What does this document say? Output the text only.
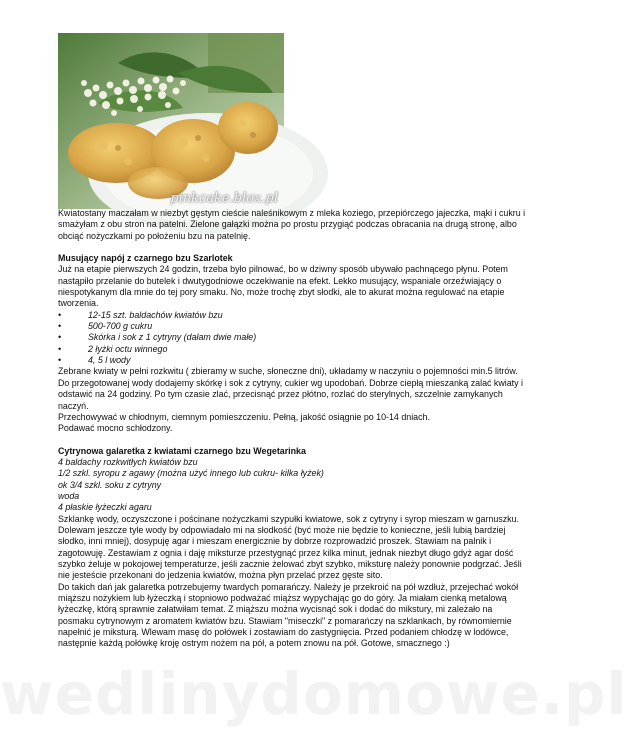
pinkcake.blox.pl

Kwiatostany maczałam w niezbyt gęstym cieście naleśnikowym z mleka koziego, przepiórczego jajeczka, mąki i cukru i smażyłam z obu stron na patelni. Zielone gałązki można po prostu przygiąć podczas obracania na drugą stronę, albo obciąć nożyczkami po położeniu bzu na patelnię.

Musujący napój z czarnego bzu Szarlotek

Już na etapie pierwszych 24 godzin, trzeba było pilnować, bo w dziwny sposób ubywało pachnącego płynu. Potem nastąpiło przelanie do butelek i dwutygodniowe oczekiwanie na efekt. Lekko musujący, wspaniale orzeźwiający o niespotykanym dla mnie do tej pory smaku. No, może trochę zbyt słodki, ale to akurat można regulować na etapie tworzenia.

• 12-15 szt. baldachów kwiatów bzu
• 500-700 g cukru
• Skórka i sok z 1 cytryny (dałam dwie małe)
• 2 łyżki octu winnego
• 4, 5 l wody

Zebrane kwiaty w pełni rozkwitu ( zbieramy w suche, słoneczne dni), układamy w naczyniu o pojemności min.5 litrów. Do przegotowanej wody dodajemy skórkę i sok z cytryny, cukier wg upodobań. Dobrze ciepłą mieszanką zalać kwiaty i odstawić na 24 godziny. Po tym czasie zlać, przecisnąć przez płótno, rozlać do sterylnych, szczelnie zamykanych naczyń.

Przechowywać w chłodnym, ciemnym pomieszczeniu. Pełną, jakość osiągnie po 10-14 dniach.

Podawać mocno schłodzony.

Cytrynowa galaretka z kwiatami czarnego bzu Wegetarinka

4 baldachy rozkwitłych kwiatów bzu

1/2 szkl. syropu z agawy (można użyć innego lub cukru- kilka łyżek)

ok 3/4 szkl. soku z cytryny

woda

4 płaskie łyżeczki agaru

Szklankę wody, oczyszczone i pościnane nożyczkami szypułki kwiatowe, sok z cytryny i syrop mieszam w garnuszku. Dolewam jeszcze tyle wody by odpowiadało mi na słodkość (być może nie będzie to konieczne, jeśli lubią bardziej słodko, inni mniej), dosypuję agar i mieszam energicznie by dobrze rozprowadzić proszek. Stawiam na palnik i zagotowuję. Zestawiam z ognia i daję miksturze przestygnąć przez kilka minut, jednak niezbyt długo gdyż agar dość szybko żeluje w pokojowej temperaturze, jeśli zacznie żelować zbyt szybko, miksturę należy ponownie podgrzać. Jeśli nie jesteście przekonani do jedzenia kwiatów, można płyn przelać przez gęste sito.

Do takich dań jak galaretka potrzebujemy twardych pomarańczy. Należy je przekroić na pół wzdłuż, przejechać wokół miąższu nożykiem lub łyżeczką i stopniowo podważać miąższ wypychając go do góry. Ja miałam cienką metalową łyżeczkę, którą sprawnie załatwiłam temat. Z miąższu można wycisnąć sok i dodać do mikstury, mi zależało na posmaku cytrynowym z aromatem kwiatów bzu. Stawiam "miseczki" z pomarańczy na szklankach, by równomiernie napełnić je miksturą. Wlewam masę do połówek i zostawiam do zastygnięcia. Przed podaniem chłodzę w lodówce, następnie każdą połówkę kroję ostrym nożem na pół, a potem znowu na pół. Gotowe, smacznego :)

wedlinydomowe.pl
